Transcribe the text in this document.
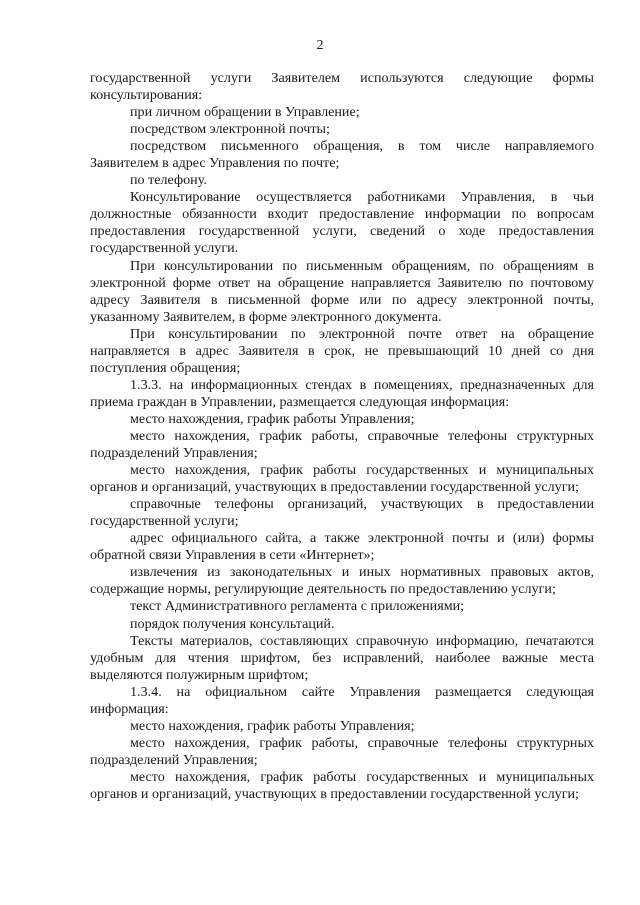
2

государственной услуги Заявителем используются следующие формы консультирования:

при личном обращении в Управление;

посредством электронной почты;

посредством письменного обращения, в том числе направляемого Заявителем в адрес Управления по почте;

по телефону.

Консультирование осуществляется работниками Управления, в чьи должностные обязанности входит предоставление информации по вопросам предоставления государственной услуги, сведений о ходе предоставления государственной услуги.

При консультировании по письменным обращениям, по обращениям в электронной форме ответ на обращение направляется Заявителю по почтовому адресу Заявителя в письменной форме или по адресу электронной почты, указанному Заявителем, в форме электронного документа.

При консультировании по электронной почте ответ на обращение направляется в адрес Заявителя в срок, не превышающий 10 дней со дня поступления обращения;

1.3.3. на информационных стендах в помещениях, предназначенных для приема граждан в Управлении, размещается следующая информация:

место нахождения, график работы Управления;

место нахождения, график работы, справочные телефоны структурных подразделений Управления;

место нахождения, график работы государственных и муниципальных органов и организаций, участвующих в предоставлении государственной услуги;

справочные телефоны организаций, участвующих в предоставлении государственной услуги;

адрес официального сайта, а также электронной почты и (или) формы обратной связи Управления в сети «Интернет»;

извлечения из законодательных и иных нормативных правовых актов, содержащие нормы, регулирующие деятельность по предоставлению услуги;

текст Административного регламента с приложениями;

порядок получения консультаций.

Тексты материалов, составляющих справочную информацию, печатаются удобным для чтения шрифтом, без исправлений, наиболее важные места выделяются полужирным шрифтом;

1.3.4. на официальном сайте Управления размещается следующая информация:

место нахождения, график работы Управления;

место нахождения, график работы, справочные телефоны структурных подразделений Управления;

место нахождения, график работы государственных и муниципальных органов и организаций, участвующих в предоставлении государственной услуги;
